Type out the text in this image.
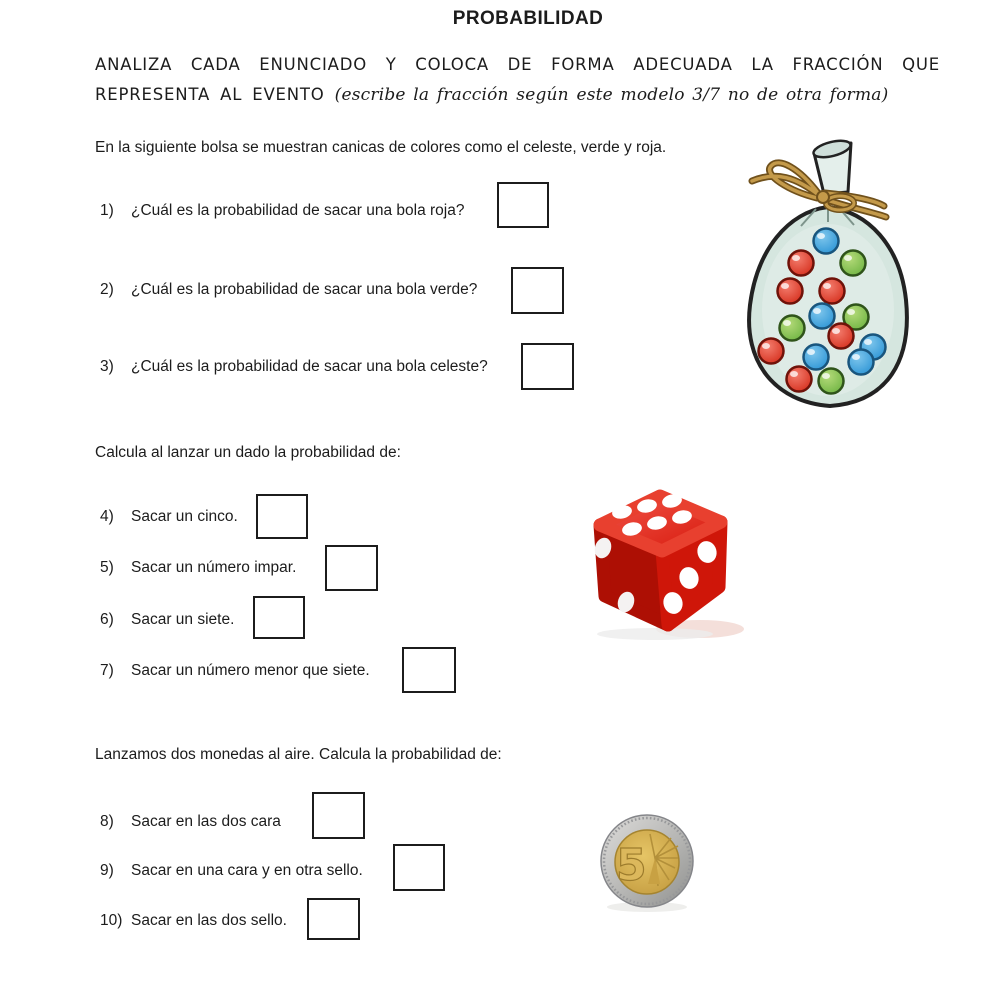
PROBABILIDAD
ANALIZA CADA ENUNCIADO Y COLOCA DE FORMA ADECUADA LA FRACCIÓN QUE REPRESENTA AL EVENTO (escribe la fracción según este modelo 3/7 no de otra forma)
En la siguiente bolsa se muestran canicas de colores como el celeste, verde y roja.
1) ¿Cuál es la probabilidad de sacar una bola roja?
2) ¿Cuál es la probabilidad de sacar una bola verde?
3) ¿Cuál es la probabilidad de sacar una bola celeste?
Calcula al lanzar un dado la probabilidad de:
4) Sacar un cinco.
5) Sacar un número impar.
6) Sacar un siete.
7) Sacar un número menor que siete.
Lanzamos dos monedas al aire. Calcula la probabilidad de:
8) Sacar en las dos cara
9) Sacar en una cara y en otra sello.
10) Sacar en las dos sello.
5
